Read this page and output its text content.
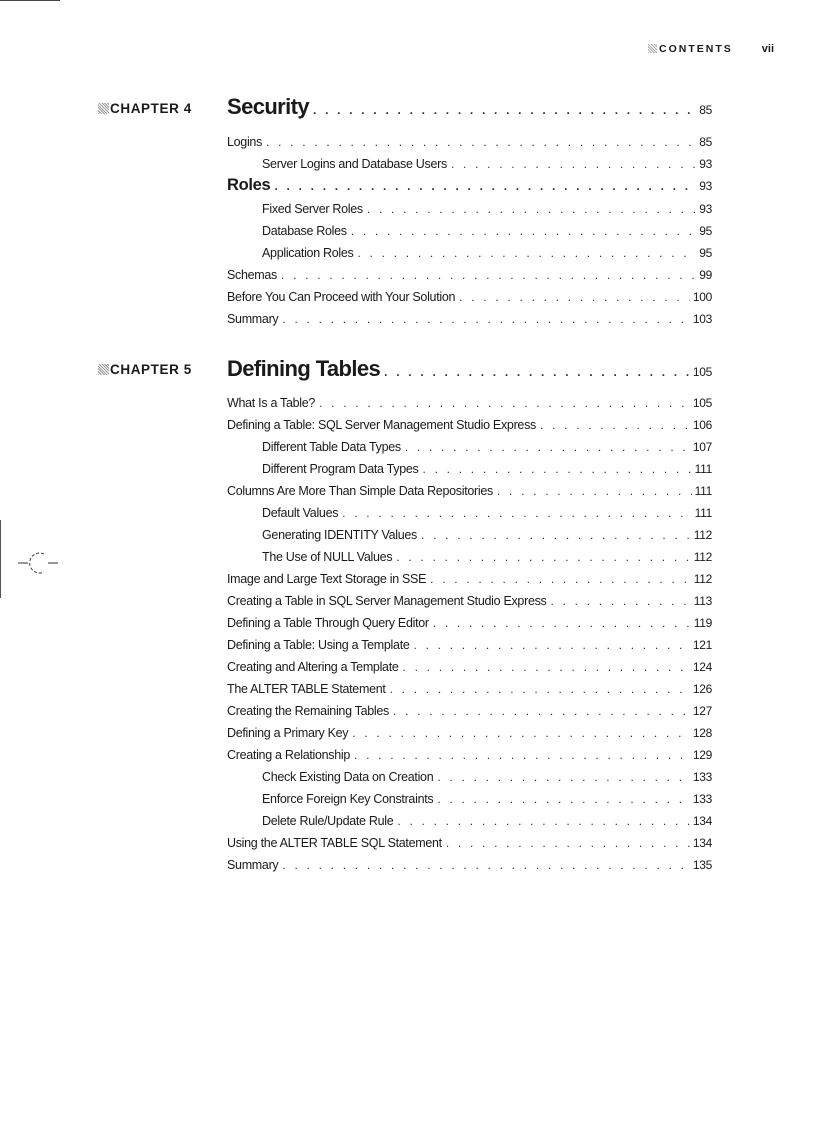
CONTENTS	vii
CHAPTER 4 Security . . .	85
Logins . . .	85
Server Logins and Database Users . . .	93
Roles . . .	93
Fixed Server Roles . . .	93
Database Roles . . .	95
Application Roles . . .	95
Schemas . . .	99
Before You Can Proceed with Your Solution . . .	100
Summary . . .	103
CHAPTER 5 Defining Tables . . .	105
What Is a Table? . . .	105
Defining a Table: SQL Server Management Studio Express . . .	106
Different Table Data Types . . .	107
Different Program Data Types . . .	111
Columns Are More Than Simple Data Repositories . . .	111
Default Values . . .	111
Generating IDENTITY Values . . .	112
The Use of NULL Values . . .	112
Image and Large Text Storage in SSE . . .	112
Creating a Table in SQL Server Management Studio Express . . .	113
Defining a Table Through Query Editor . . .	119
Defining a Table: Using a Template . . .	121
Creating and Altering a Template . . .	124
The ALTER TABLE Statement . . .	126
Creating the Remaining Tables . . .	127
Defining a Primary Key . . .	128
Creating a Relationship . . .	129
Check Existing Data on Creation . . .	133
Enforce Foreign Key Constraints . . .	133
Delete Rule/Update Rule . . .	134
Using the ALTER TABLE SQL Statement . . .	134
Summary . . .	135
